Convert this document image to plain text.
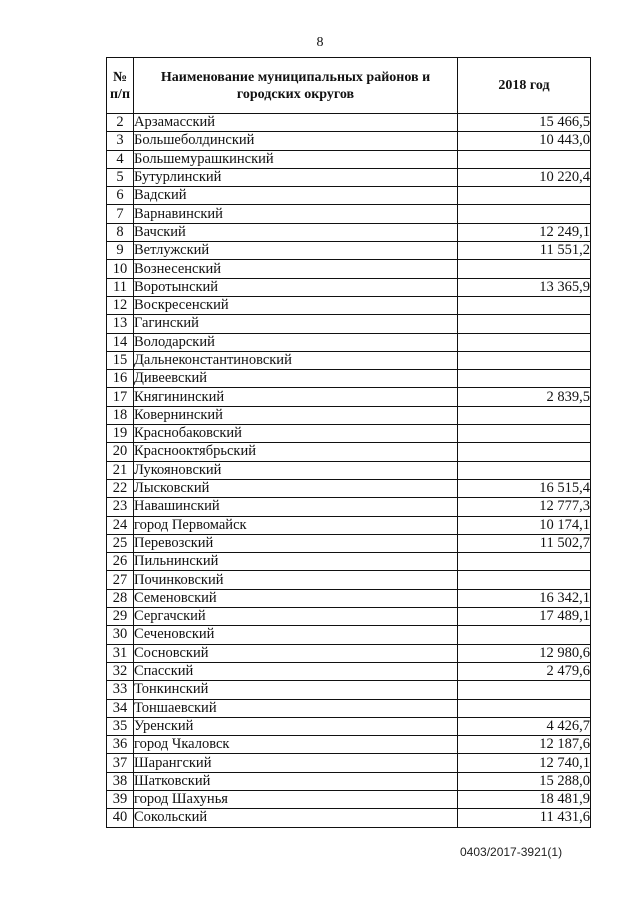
8
№ п/п	Наименование муниципальных районов и городских округов	2018 год
2	Арзамасский	15 466,5
3	Большеболдинский	10 443,0
4	Большемурашкинский	
5	Бутурлинский	10 220,4
6	Вадский	
7	Варнавинский	
8	Вачский	12 249,1
9	Ветлужский	11 551,2
10	Вознесенский	
11	Воротынский	13 365,9
12	Воскресенский	
13	Гагинский	
14	Володарский	
15	Дальнеконстантиновский	
16	Дивеевский	
17	Княгининский	2 839,5
18	Ковернинский	
19	Краснобаковский	
20	Краснооктябрьский	
21	Лукояновский	
22	Лысковский	16 515,4
23	Навашинский	12 777,3
24	город Первомайск	10 174,1
25	Перевозский	11 502,7
26	Пильнинский	
27	Починковский	
28	Семеновский	16 342,1
29	Сергачский	17 489,1
30	Сеченовский	
31	Сосновский	12 980,6
32	Спасский	2 479,6
33	Тонкинский	
34	Тоншаевский	
35	Уренский	4 426,7
36	город Чкаловск	12 187,6
37	Шарангский	12 740,1
38	Шатковский	15 288,0
39	город Шахунья	18 481,9
40	Сокольский	11 431,6
0403/2017-3921(1)
